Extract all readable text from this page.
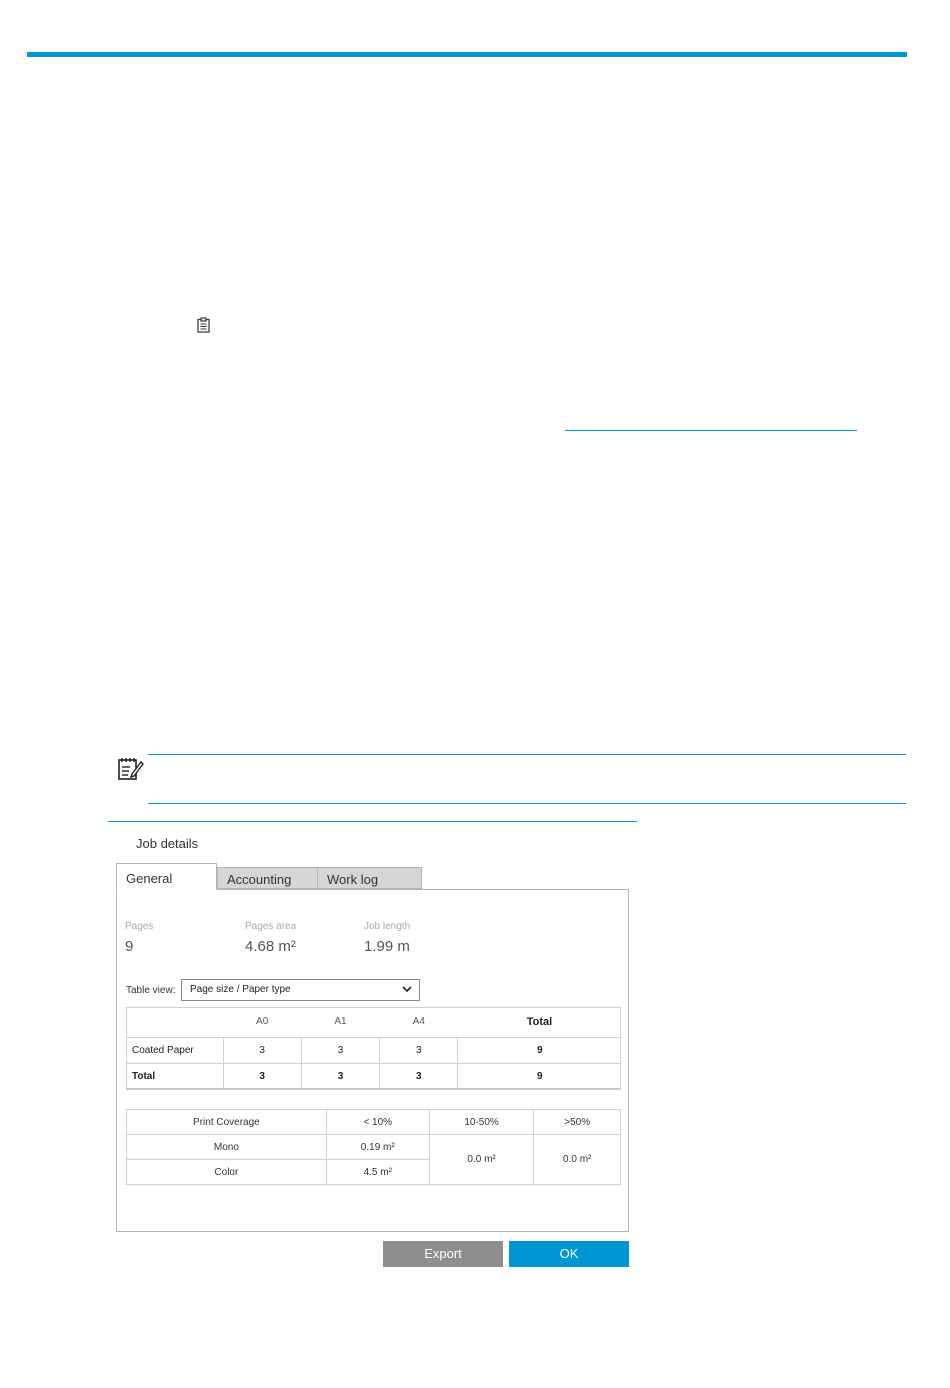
Job details
General	Accounting	Work log
Pages
9
Pages area
4.68 m²
Job length
1.99 m
Table view:	Page size / Paper type
	A0	A1	A4	Total
Coated Paper	3	3	3	9
Total	3	3	3	9
Print Coverage	< 10%	10-50%	>50%
Mono	0.19 m²	0.0 m²	0.0 m²
Color	4.5 m²		
Export	OK
